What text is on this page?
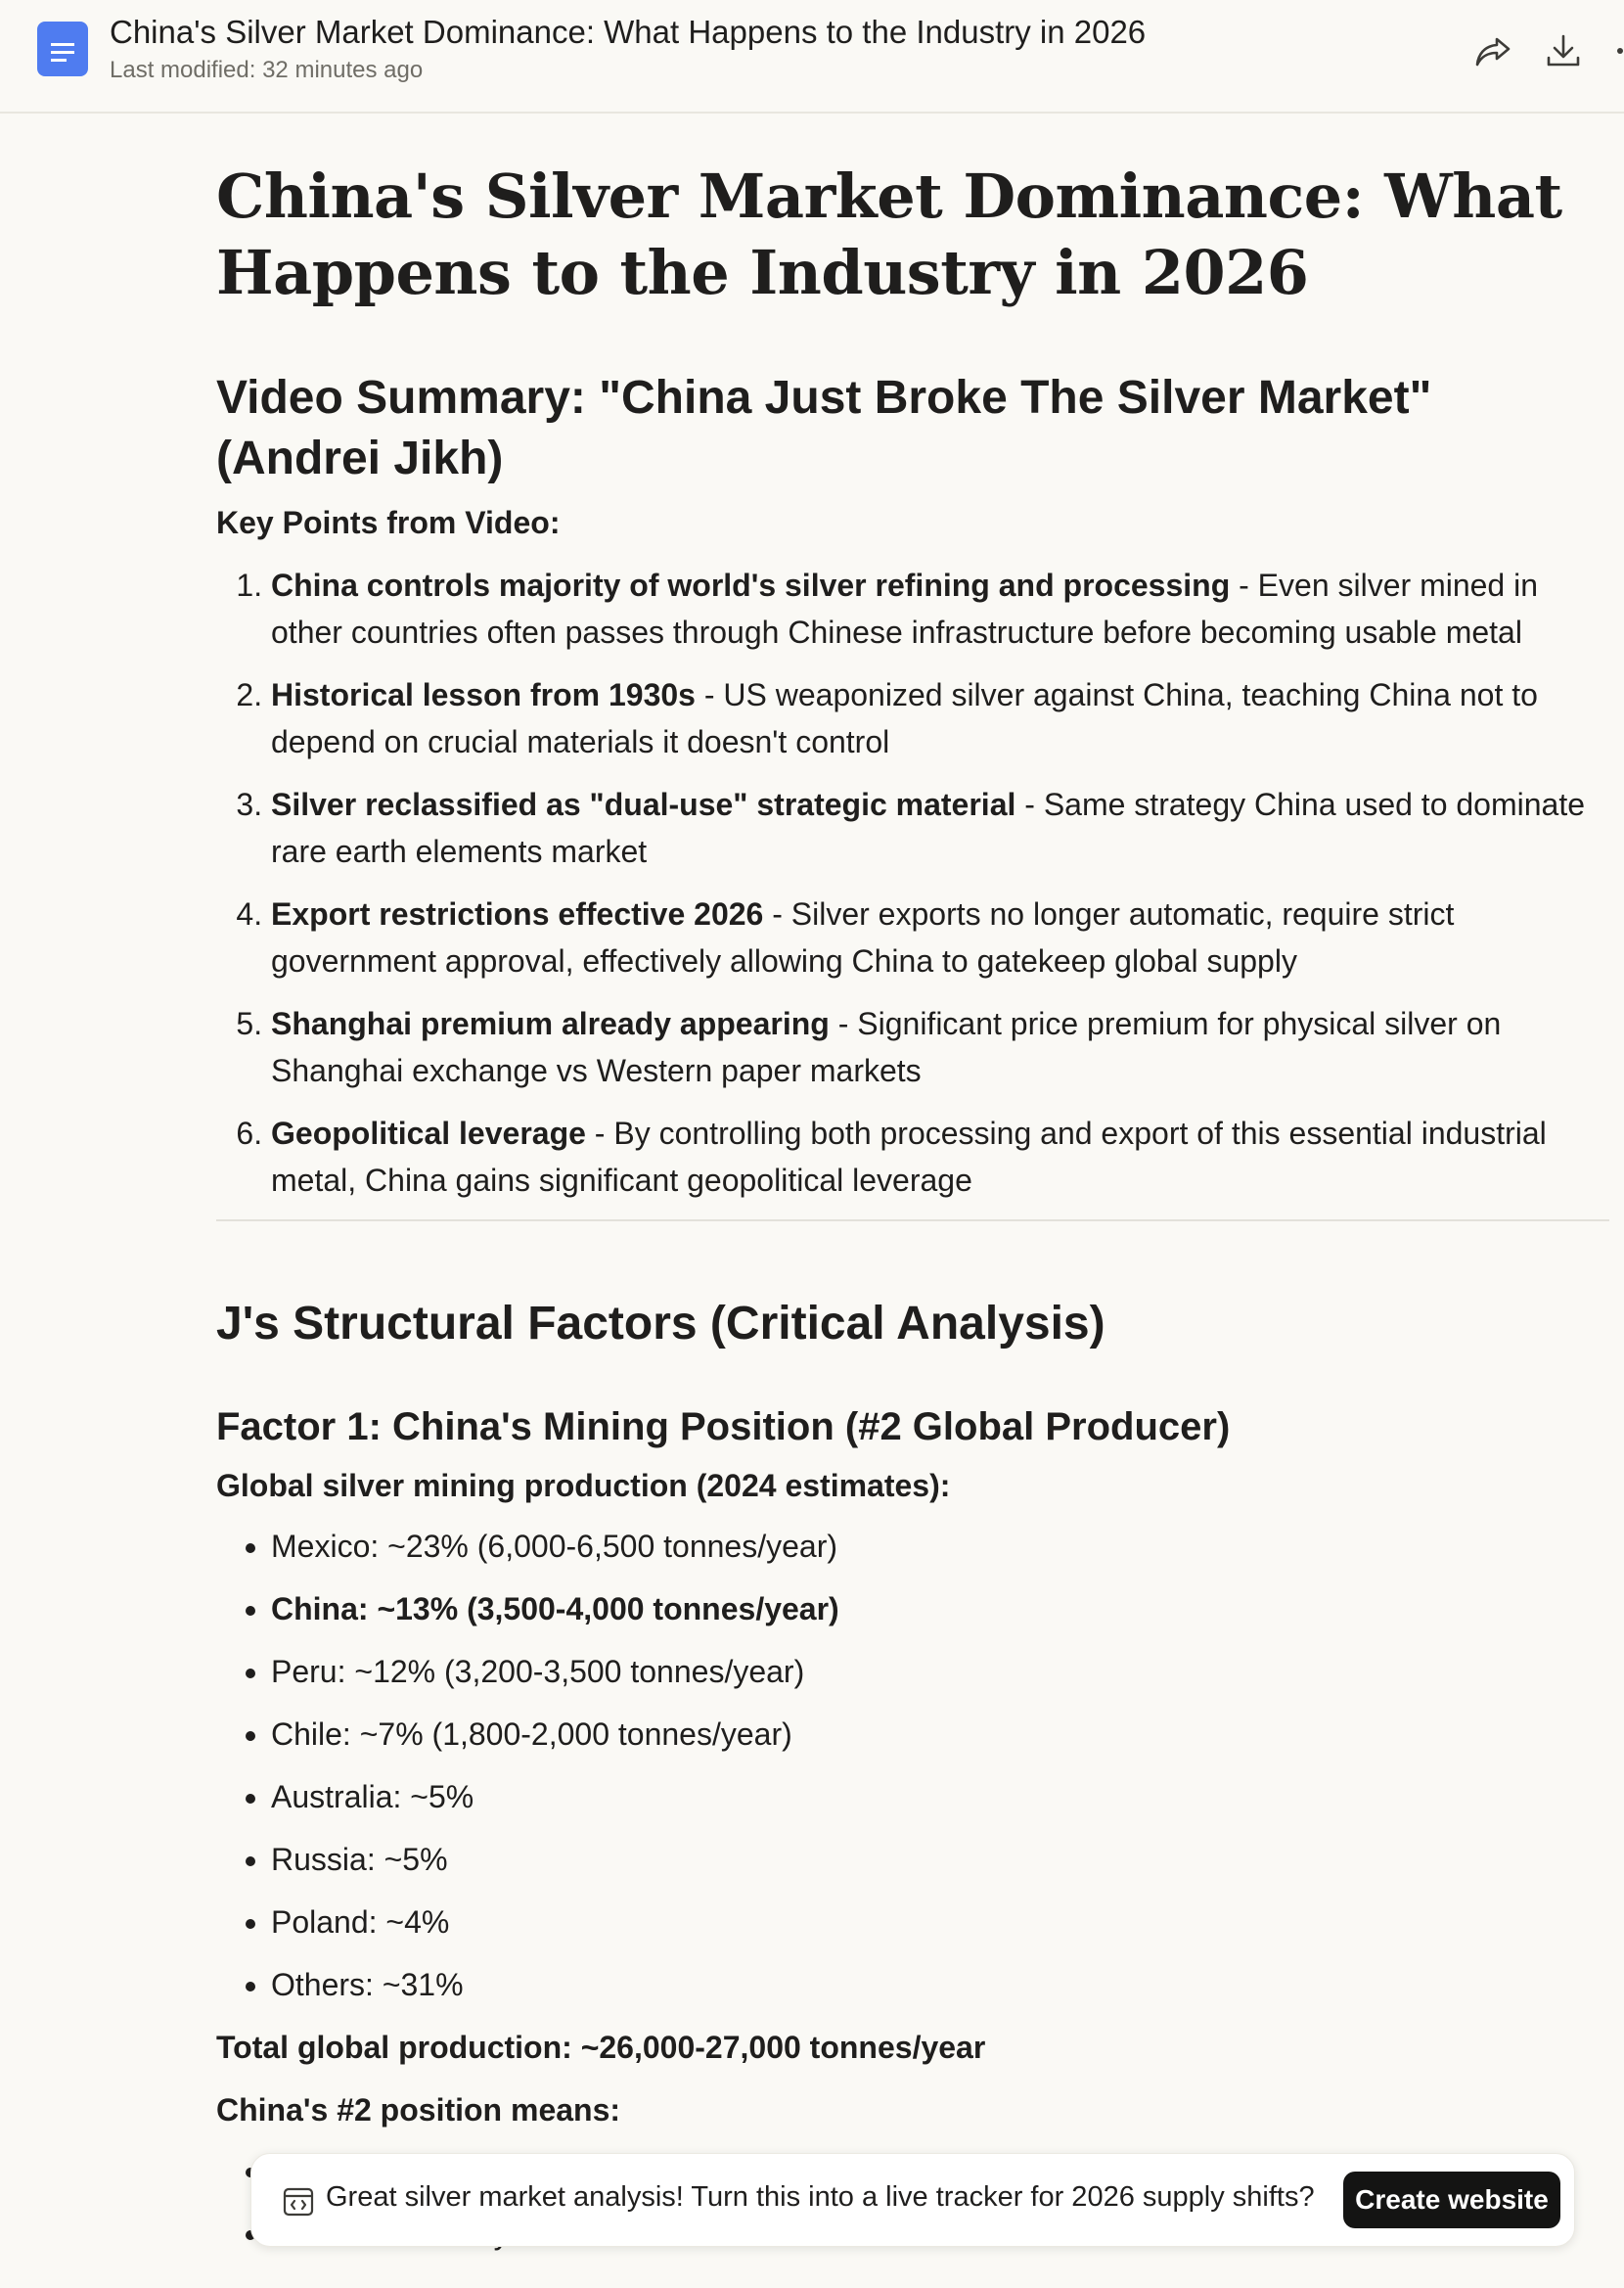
China's Silver Market Dominance: What Happens to the Industry in 2026
Last modified: 32 minutes ago
China's Silver Market Dominance: What Happens to the Industry in 2026
Video Summary: "China Just Broke The Silver Market" (Andrei Jikh)

Key Points from Video:

1. China controls majority of world's silver refining and processing - Even silver mined in other countries often passes through Chinese infrastructure before becoming usable metal
2. Historical lesson from 1930s - US weaponized silver against China, teaching China not to depend on crucial materials it doesn't control
3. Silver reclassified as "dual-use" strategic material - Same strategy China used to dominate rare earth elements market
4. Export restrictions effective 2026 - Silver exports no longer automatic, require strict government approval, effectively allowing China to gatekeep global supply
5. Shanghai premium already appearing - Significant price premium for physical silver on Shanghai exchange vs Western paper markets
6. Geopolitical leverage - By controlling both processing and export of this essential industrial metal, China gains significant geopolitical leverage
J's Structural Factors (Critical Analysis)
Factor 1: China's Mining Position (#2 Global Producer)

Global silver mining production (2024 estimates):

• Mexico: ~23% (6,000-6,500 tonnes/year)
• China: ~13% (3,500-4,000 tonnes/year)
• Peru: ~12% (3,200-3,500 tonnes/year)
• Chile: ~7% (1,800-2,000 tonnes/year)
• Australia: ~5%
• Russia: ~5%
• Poland: ~4%
• Others: ~31%

Total global production: ~26,000-27,000 tonnes/year

China's #2 position means:

•
•
Great silver market analysis! Turn this into a live tracker for 2026 supply shifts?	Create website
